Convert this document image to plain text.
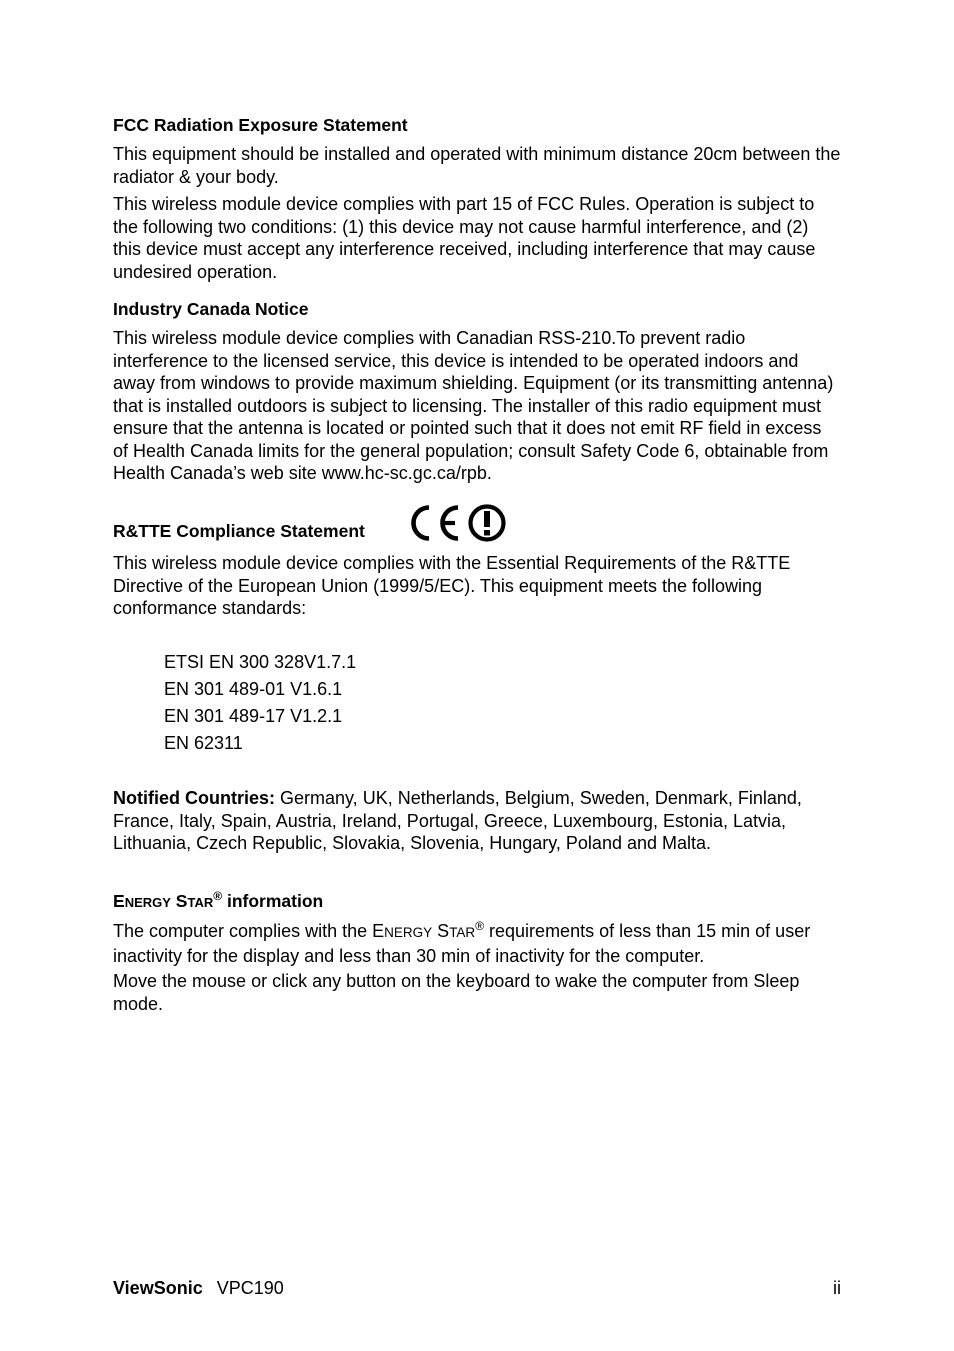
FCC Radiation Exposure Statement

This equipment should be installed and operated with minimum distance 20cm between the radiator & your body.

This wireless module device complies with part 15 of FCC Rules. Operation is subject to the following two conditions: (1) this device may not cause harmful interference, and (2) this device must accept any interference received, including interference that may cause undesired operation.

Industry Canada Notice

This wireless module device complies with Canadian RSS-210.To prevent radio interference to the licensed service, this device is intended to be operated indoors and away from windows to provide maximum shielding. Equipment (or its transmitting antenna) that is installed outdoors is subject to licensing. The installer of this radio equipment must ensure that the antenna is located or pointed such that it does not emit RF field in excess of Health Canada limits for the general population; consult Safety Code 6, obtainable from Health Canada’s web site www.hc-sc.gc.ca/rpb.

R&TTE Compliance Statement

This wireless module device complies with the Essential Requirements of the R&TTE Directive of the European Union (1999/5/EC). This equipment meets the following conformance standards:

ETSI EN 300 328V1.7.1
EN 301 489-01 V1.6.1
EN 301 489-17 V1.2.1
EN 62311

Notified Countries: Germany, UK, Netherlands, Belgium, Sweden, Denmark, Finland, France, Italy, Spain, Austria, Ireland, Portugal, Greece, Luxembourg, Estonia, Latvia, Lithuania, Czech Republic, Slovakia, Slovenia, Hungary, Poland and Malta.

ENERGY STAR® information

The computer complies with the ENERGY STAR® requirements of less than 15 min of user inactivity for the display and less than 30 min of inactivity for the computer.

Move the mouse or click any button on the keyboard to wake the computer from Sleep mode.

ViewSonic VPC190	ii
